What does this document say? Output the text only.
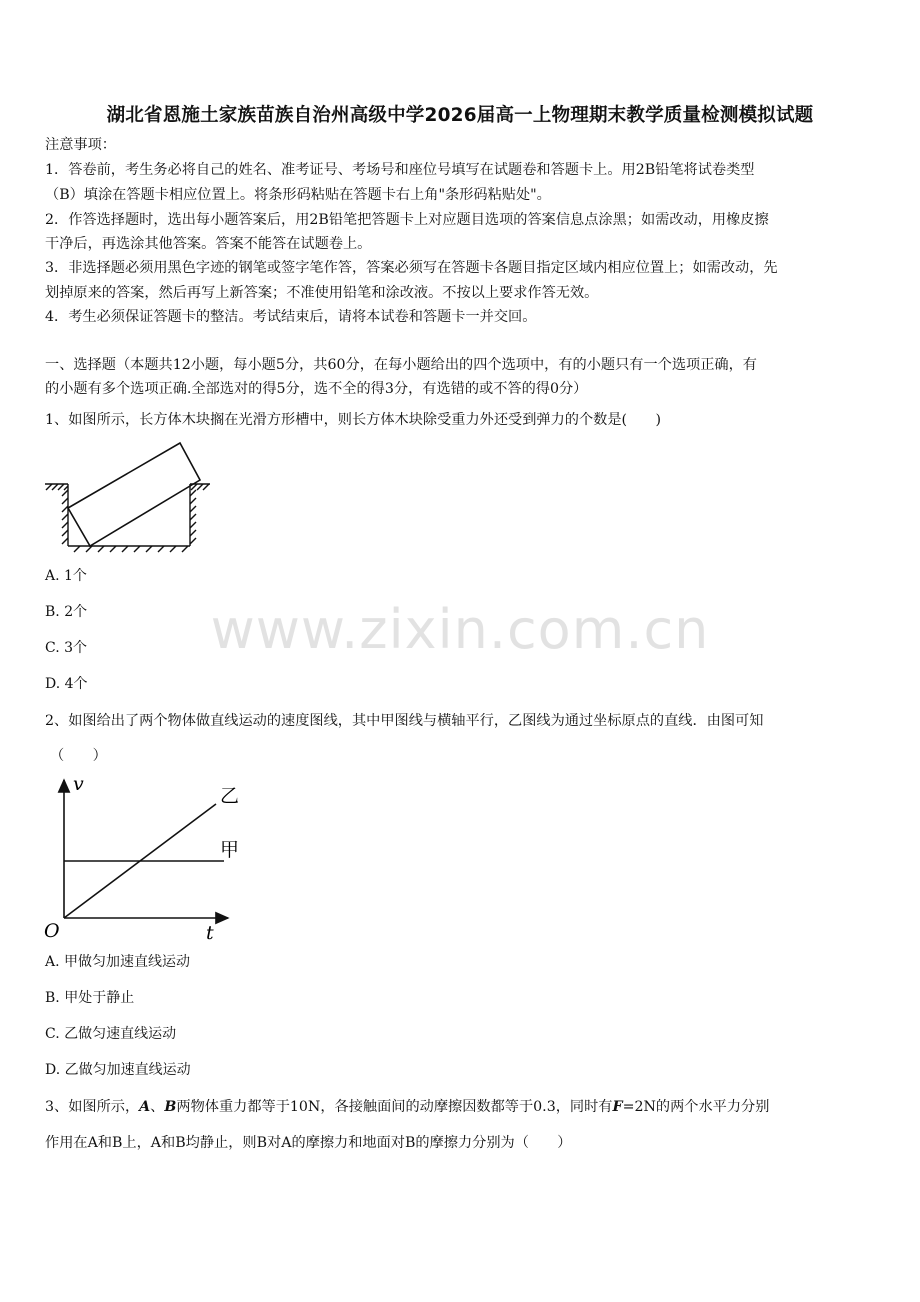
湖北省恩施土家族苗族自治州高级中学2026届高一上物理期末教学质量检测模拟试题
注意事项：
1．答卷前，考生务必将自己的姓名、准考证号、考场号和座位号填写在试题卷和答题卡上。用2B铅笔将试卷类型
（B）填涂在答题卡相应位置上。将条形码粘贴在答题卡右上角"条形码粘贴处"。
2．作答选择题时，选出每小题答案后，用2B铅笔把答题卡上对应题目选项的答案信息点涂黑；如需改动，用橡皮擦
干净后，再选涂其他答案。答案不能答在试题卷上。
3．非选择题必须用黑色字迹的钢笔或签字笔作答，答案必须写在答题卡各题目指定区域内相应位置上；如需改动，先
划掉原来的答案，然后再写上新答案；不准使用铅笔和涂改液。不按以上要求作答无效。
4．考生必须保证答题卡的整洁。考试结束后，请将本试卷和答题卡一并交回。
一、选择题（本题共12小题，每小题5分，共60分，在每小题给出的四个选项中，有的小题只有一个选项正确，有
的小题有多个选项正确.全部选对的得5分，选不全的得3分，有选错的或不答的得0分）
1、如图所示，长方体木块搁在光滑方形槽中，则长方体木块除受重力外还受到弹力的个数是(　　)
A. 1个
B. 2个
C. 3个
D. 4个
www.zixin.com.cn
2、如图给出了两个物体做直线运动的速度图线，其中甲图线与横轴平行，乙图线为通过坐标原点的直线．由图可知
（　　）
v
t
O
甲
乙
A. 甲做匀加速直线运动
B. 甲处于静止
C. 乙做匀速直线运动
D. 乙做匀加速直线运动
3、如图所示，A、B两物体重力都等于10N，各接触面间的动摩擦因数都等于0.3，同时有F=2N的两个水平力分别
作用在A和B上，A和B均静止，则B对A的摩擦力和地面对B的摩擦力分别为（　　）
